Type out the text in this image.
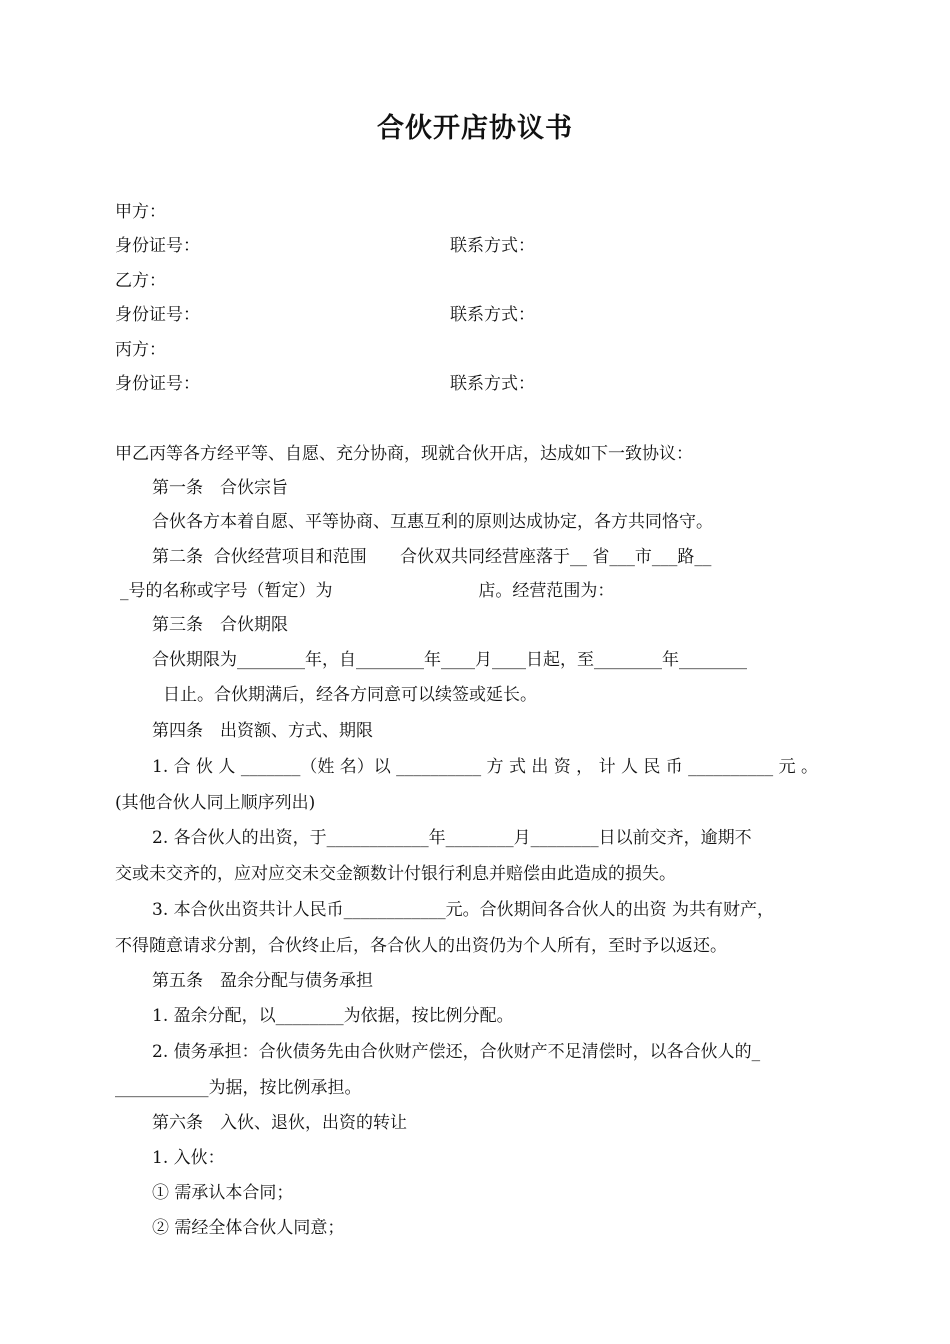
合伙开店协议书
甲方：
身份证号：	联系方式：
乙方：
身份证号：	联系方式：
丙方：
身份证号：	联系方式：
甲乙丙等各方经平等、自愿、充分协商，现就合伙开店，达成如下一致协议：
第一条　合伙宗旨
合伙各方本着自愿、平等协商、互惠互利的原则达成协定，各方共同恪守。
第二条  合伙经营项目和范围　   合伙双共同经营座落于__ 省___市___路__
_号的名称或字号（暂定）为                           店。经营范围为：
第三条　合伙期限
合伙期限为________年，自________年____月____日起，至________年________
日止。合伙期满后，经各方同意可以续签或延长。
第四条　出资额、方式、期限
1. 合 伙 人 _______（姓 名）以 __________ 方 式 出 资 ， 计 人 民 币 __________ 元 。
(其他合伙人同上顺序列出)
2. 各合伙人的出资，于____________年________月________日以前交齐，逾期不
交或未交齐的，应对应交未交金额数计付银行利息并赔偿由此造成的损失。
3. 本合伙出资共计人民币____________元。合伙期间各合伙人的出资 为共有财产，
不得随意请求分割，合伙终止后，各合伙人的出资仍为个人所有，至时予以返还。
第五条　盈余分配与债务承担
1. 盈余分配，以________为依据，按比例分配。
2. 债务承担：合伙债务先由合伙财产偿还，合伙财产不足清偿时，以各合伙人的_
___________为据，按比例承担。
第六条　入伙、退伙，出资的转让
1. 入伙：
① 需承认本合同；
② 需经全体合伙人同意；
